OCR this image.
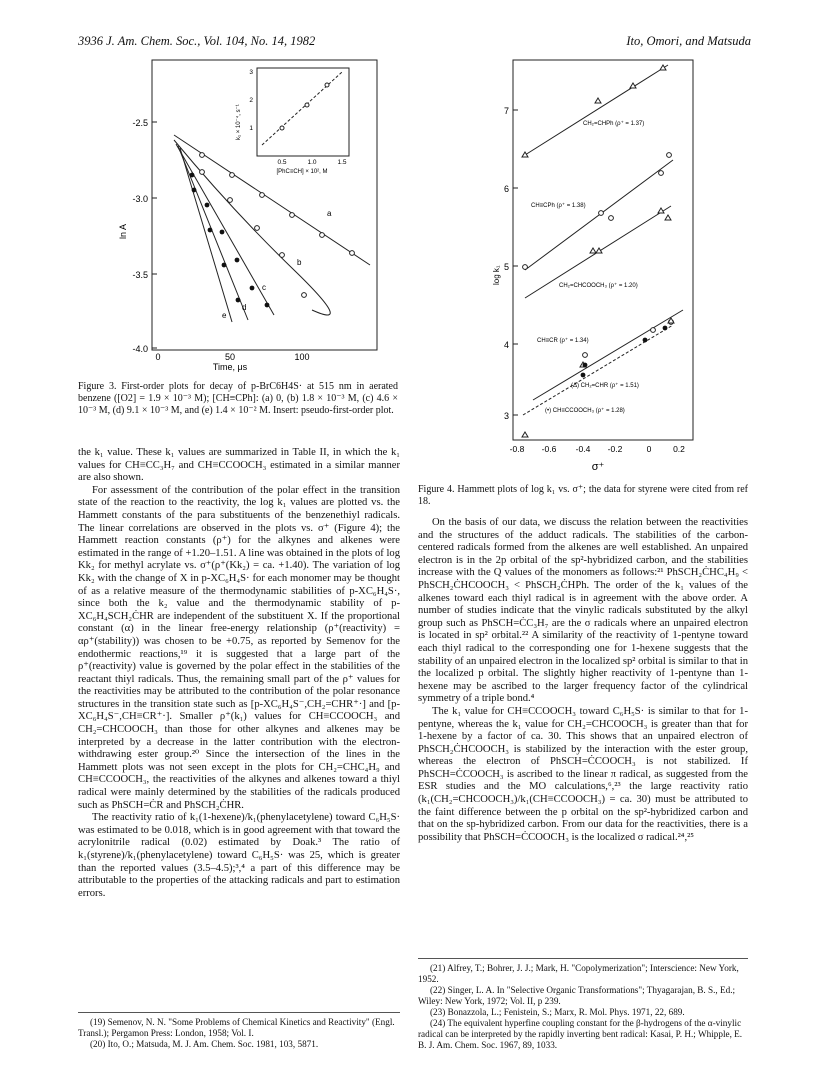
3936 J. Am. Chem. Soc., Vol. 104, No. 14, 1982	Ito, Omori, and Matsuda
-2.5
-3.0
-3.5
-4.0
ln A
0	50	100
Time, μs
a
b
c
d
e
3
2
1
k₁ × 10⁻⁴, s⁻¹
0.5	1.0	1.5
[PhC≡CH] × 10², M
Figure 3. First-order plots for decay of p-BrC6H4S· at 515 nm in aerated benzene ([O2] = 1.9 × 10⁻³ M); [CH≡CPh]: (a) 0, (b) 1.8 × 10⁻³ M, (c) 4.6 × 10⁻³ M, (d) 9.1 × 10⁻³ M, and (e) 1.4 × 10⁻² M. Insert: pseudo-first-order plot.
7
6
5
4
3
log k₁
-0.8 -0.6 -0.4 -0.2	0	0.2
CH₂=CHPh (ρ⁺ = 1.37)
CH≡CPh (ρ⁺ = 1.38)
CH₂=CHCOOCH₃ (ρ⁺ = 1.20)
CH≡CR (ρ⁺ = 1.34)
(Δ) CH₂=CHR (ρ⁺ = 1.51)
(•) CH≡CCOOCH₃ (ρ⁺ = 1.28)
σ⁺
Figure 4. Hammett plots of log k₁ vs. σ⁺; the data for styrene were cited from ref 18.

the k₁ value. These k₁ values are summarized in Table II, in which the k₁ values for CH≡CC₃H₇ and CH≡CCOOCH₃ estimated in a similar manner are also shown.

For assessment of the contribution of the polar effect in the transition state of the reaction to the reactivity, the log k₁ values are plotted vs. the Hammett constants of the para substituents of the benzenethiyl radicals. The linear correlations are observed in the plots vs. σ⁺ (Figure 4); the Hammett reaction constants (ρ⁺) for the alkynes and alkenes were estimated in the range of +1.20–1.51. A line was obtained in the plots of log Kk₂ for methyl acrylate vs. σ⁺(ρ⁺(Kk₂) = ca. +1.40). The variation of log Kk₂ with the change of X in p-XC₆H₄S· for each monomer may be thought of as a relative measure of the thermodynamic stabilities of p-XC₆H₄S·, since both the k₂ value and the thermodynamic stability of p-XC₆H₄SCH₂ĊHR are independent of the substituent X. If the proportional constant (α) in the linear free-energy relationship (ρ⁺(reactivity) = αρ⁺(stability)) was chosen to be +0.75, as reported by Semenov for the endothermic reactions,¹⁹ it is suggested that a large part of the ρ⁺(reactivity) value is governed by the polar effect in the stabilities of the reactant thiyl radicals. Thus, the remaining small part of the ρ⁺ values for the reactivities may be attributed to the contribution of the polar resonance structures in the transition state such as [p-XC₆H₄S⁻,CH₂=CHR⁺·] and [p-XC₆H₄S⁻,CH≡CR⁺·]. Smaller ρ⁺(k₁) values for CH≡CCOOCH₃ and CH₂=CHCOOCH₃ than those for other alkynes and alkenes may be interpreted by a decrease in the latter contribution with the electron-withdrawing ester group.²⁰ Since the intersection of the lines in the Hammett plots was not seen except in the plots for CH₂=CHC₄H₉ and CH≡CCOOCH₃, the reactivities of the alkynes and alkenes toward a thiyl radical were mainly determined by the stabilities of the radicals produced such as PhSCH=ĊR and PhSCH₂ĊHR.

The reactivity ratio of k₁(1-hexene)/k₁(phenylacetylene) toward C₆H₅S· was estimated to be 0.018, which is in good agreement with that toward the acrylonitrile radical (0.02) estimated by Doak.³ The ratio of k₁(styrene)/k₁(phenylacetylene) toward C₆H₅S· was 25, which is greater than the reported values (3.5–4.5);³,⁴ a part of this difference may be attributable to the properties of the attacking radicals and part to estimation errors.

On the basis of our data, we discuss the relation between the reactivities and the structures of the adduct radicals. The stabilities of the carbon-centered radicals formed from the alkenes are well established. An unpaired electron is in the 2p orbital of the sp²-hybridized carbon, and the stabilities increase with the Q values of the monomers as follows:²¹ PhSCH₂ĊHC₄H₉ < PhSCH₂ĊHCOOCH₃ < PhSCH₂ĊHPh. The order of the k₁ values of the alkenes toward each thiyl radical is in agreement with the above order. A number of studies indicate that the vinylic radicals substituted by the alkyl group such as PhSCH=ĊC₃H₇ are the σ radicals where an unpaired electron is located in sp² orbital.²² A similarity of the reactivity of 1-pentyne toward each thiyl radical to the corresponding one for 1-hexene suggests that the stability of an unpaired electron in the localized sp² orbital is similar to that in the localized p orbital. The slightly higher reactivity of 1-pentyne than 1-hexene may be ascribed to the larger frequency factor of the cylindrical symmetry of a triple bond.⁴

The k₁ value for CH≡CCOOCH₃ toward C₆H₅S· is similar to that for 1-pentyne, whereas the k₁ value for CH₂=CHCOOCH₃ is greater than that for 1-hexene by a factor of ca. 30. This shows that an unpaired electron of PhSCH₂ĊHCOOCH₃ is stabilized by the interaction with the ester group, whereas the electron of PhSCH=ĊCOOCH₃ is not stabilized. If PhSCH=ĊCOOCH₃ is ascribed to the linear π radical, as suggested from the ESR studies and the MO calculations,⁶,²³ the large reactivity ratio (k₁(CH₂=CHCOOCH₃)/k₁(CH≡CCOOCH₃) = ca. 30) must be attributed to the faint difference between the p orbital on the sp²-hybridized carbon and that on the sp-hybridized carbon. From our data for the reactivities, there is a possibility that PhSCH=ĊCOOCH₃ is the localized σ radical.²⁴,²⁵

(19) Semenov, N. N. "Some Problems of Chemical Kinetics and Reactivity" (Engl. Transl.); Pergamon Press: London, 1958; Vol. I.
(20) Ito, O.; Matsuda, M. J. Am. Chem. Soc. 1981, 103, 5871.
(21) Alfrey, T.; Bohrer, J. J.; Mark, H. "Copolymerization"; Interscience: New York, 1952.
(22) Singer, L. A. In "Selective Organic Transformations"; Thyagarajan, B. S., Ed.; Wiley: New York, 1972; Vol. II, p 239.
(23) Bonazzola, L.; Fenistein, S.; Marx, R. Mol. Phys. 1971, 22, 689.
(24) The equivalent hyperfine coupling constant for the β-hydrogens of the α-vinylic radical can be interpreted by the rapidly inverting bent radical: Kasai, P. H.; Whipple, E. B. J. Am. Chem. Soc. 1967, 89, 1033.
